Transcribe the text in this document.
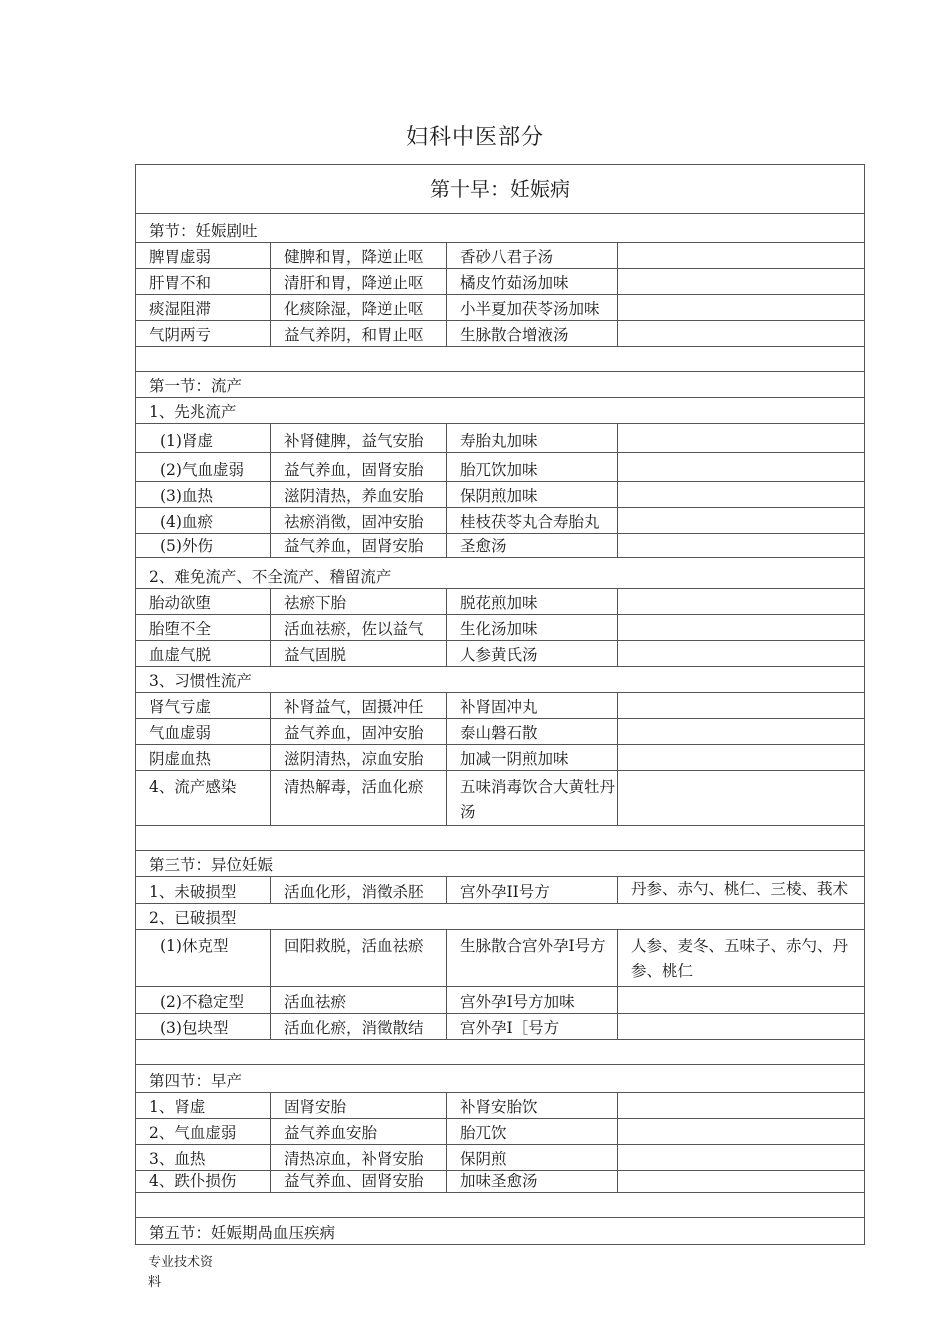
妇科中医部分
第十早：妊娠病			
第节：妊娠剧吐			
脾胃虚弱	健脾和胃，降逆止呕	香砂八君子汤	
肝胃不和	清肝和胃，降逆止呕	橘皮竹茹汤加味	
痰湿阻滞	化痰除湿，降逆止呕	小半夏加茯苓汤加味	
气阴两亏	益气养阴，和胃止呕	生脉散合增液汤	

第一节：流产			
1、先兆流产			
(1)肾虚	补肾健脾，益气安胎	寿胎丸加味	
(2)气血虚弱	益气养血，固肾安胎	胎兀饮加味	
(3)血热	滋阴清热，养血安胎	保阴煎加味	
(4)血瘀	祛瘀消徵，固冲安胎	桂枝茯苓丸合寿胎丸	
(5)外伤	益气养血，固肾安胎	圣愈汤	
2、难免流产、不全流产、稽留流产			
胎动欲堕	祛瘀下胎	脱花煎加味	
胎堕不全	活血祛瘀，佐以益气	生化汤加味	
血虚气脱	益气固脱	人参黄氏汤	
3、习惯性流产			
肾气亏虚	补肾益气，固摄冲任	补肾固冲丸	
气血虚弱	益气养血，固冲安胎	泰山磐石散	
阴虚血热	滋阴清热，凉血安胎	加减一阴煎加味	
4、流产感染	清热解毒，活血化瘀	五味消毒饮合大黄牡丹汤	

第三节：异位妊娠			
1、未破损型	活血化形，消徵杀胚	宫外孕II号方	丹参、赤勺、桃仁、三棱、莪术
2、已破损型			
(1)休克型	回阳救脱，活血祛瘀	生脉散合宫外孕I号方	人参、麦冬、五味子、赤勺、丹参、桃仁
(2)不稳定型	活血祛瘀	宫外孕I号方加味	
(3)包块型	活血化瘀，消徵散结	宫外孕I［号方	

第四节：早产			
1、肾虚	固肾安胎	补肾安胎饮	
2、气血虚弱	益气养血安胎	胎兀饮	
3、血热	清热凉血，补肾安胎	保阴煎	
4、跌仆损伤	益气养血、固肾安胎	加味圣愈汤	

第五节：妊娠期咼血压疾病			
专业技术资
料
